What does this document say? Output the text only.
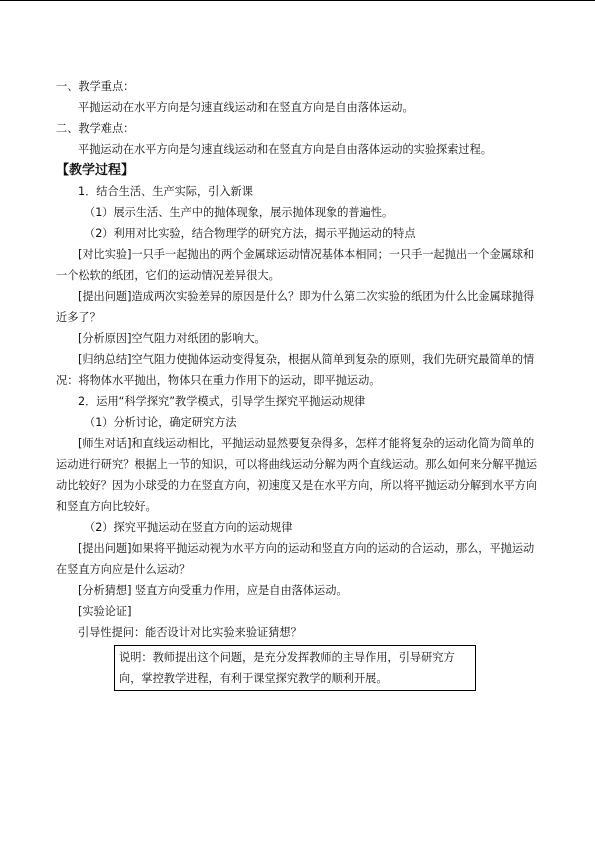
一、教学重点：

平抛运动在水平方向是匀速直线运动和在竖直方向是自由落体运动。

二、教学难点：

平抛运动在水平方向是匀速直线运动和在竖直方向是自由落体运动的实验探索过程。

【教学过程】

1．结合生活、生产实际，引入新课

（1）展示生活、生产中的抛体现象，展示抛体现象的普遍性。

（2）利用对比实验，结合物理学的研究方法，揭示平抛运动的特点

[对比实验]一只手一起抛出的两个金属球运动情况基体本相同；一只手一起抛出一个金属球和一个松软的纸团，它们的运动情况差异很大。

[提出问题]造成两次实验差异的原因是什么？即为什么第二次实验的纸团为什么比金属球抛得近多了？

[分析原因]空气阻力对纸团的影响大。

[归纳总结]空气阻力使抛体运动变得复杂，根据从简单到复杂的原则，我们先研究最简单的情况：将物体水平抛出，物体只在重力作用下的运动，即平抛运动。

2．运用“科学探究”教学模式，引导学生探究平抛运动规律

（1）分析讨论，确定研究方法

[师生对话]和直线运动相比，平抛运动显然要复杂得多，怎样才能将复杂的运动化简为简单的运动进行研究？根据上一节的知识，可以将曲线运动分解为两个直线运动。那么如何来分解平抛运动比较好？因为小球受的力在竖直方向，初速度又是在水平方向，所以将平抛运动分解到水平方向和竖直方向比较好。

（2）探究平抛运动在竖直方向的运动规律

[提出问题]如果将平抛运动视为水平方向的运动和竖直方向的运动的合运动，那么，平抛运动在竖直方向应是什么运动？

[分析猜想] 竖直方向受重力作用，应是自由落体运动。

[实验论证]

引导性提问：能否设计对比实验来验证猜想？

说明：教师提出这个问题，是充分发挥教师的主导作用，引导研究方向，掌控教学进程，有利于课堂探究教学的顺利开展。
